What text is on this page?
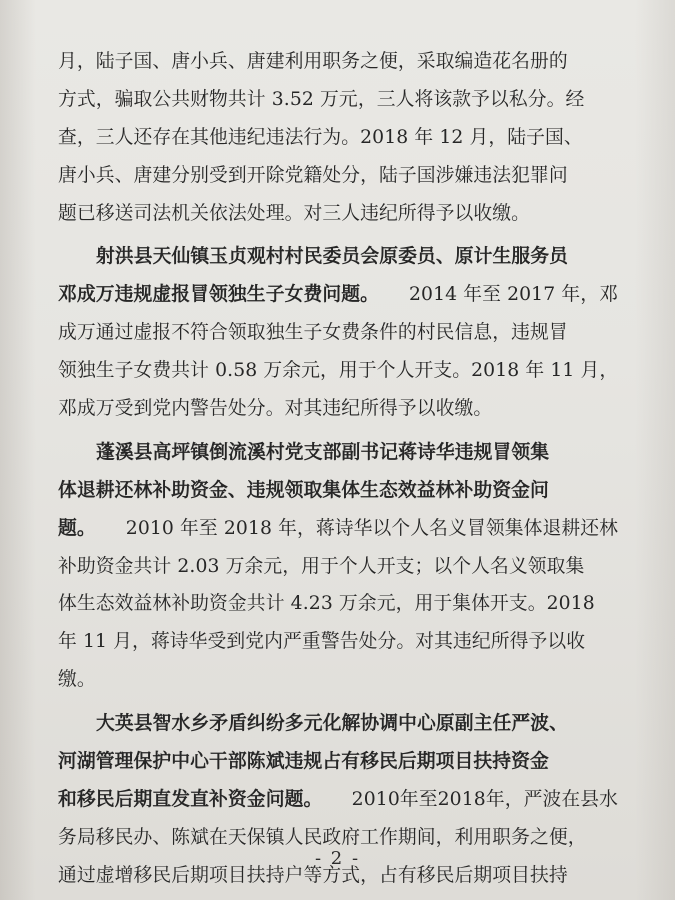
月，陆子国、唐小兵、唐建利用职务之便，采取编造花名册的
方式，骗取公共财物共计 3.52 万元，三人将该款予以私分。经
查，三人还存在其他违纪违法行为。2018 年 12 月，陆子国、
唐小兵、唐建分别受到开除党籍处分，陆子国涉嫌违法犯罪问
题已移送司法机关依法处理。对三人违纪所得予以收缴。
射洪县天仙镇玉贞观村村民委员会原委员、原计生服务员
邓成万违规虚报冒领独生子女费问题。 2014 年至 2017 年，邓
成万通过虚报不符合领取独生子女费条件的村民信息，违规冒
领独生子女费共计 0.58 万余元，用于个人开支。2018 年 11 月，
邓成万受到党内警告处分。对其违纪所得予以收缴。
蓬溪县高坪镇倒流溪村党支部副书记蒋诗华违规冒领集
体退耕还林补助资金、违规领取集体生态效益林补助资金问
题。 2010 年至 2018 年，蒋诗华以个人名义冒领集体退耕还林
补助资金共计 2.03 万余元，用于个人开支；以个人名义领取集
体生态效益林补助资金共计 4.23 万余元，用于集体开支。2018
年 11 月，蒋诗华受到党内严重警告处分。对其违纪所得予以收
缴。
大英县智水乡矛盾纠纷多元化解协调中心原副主任严波、
河湖管理保护中心干部陈斌违规占有移民后期项目扶持资金
和移民后期直发直补资金问题。 2010年至2018年，严波在县水
务局移民办、陈斌在天保镇人民政府工作期间，利用职务之便，
通过虚增移民后期项目扶持户等方式，占有移民后期项目扶持
- 2 -
